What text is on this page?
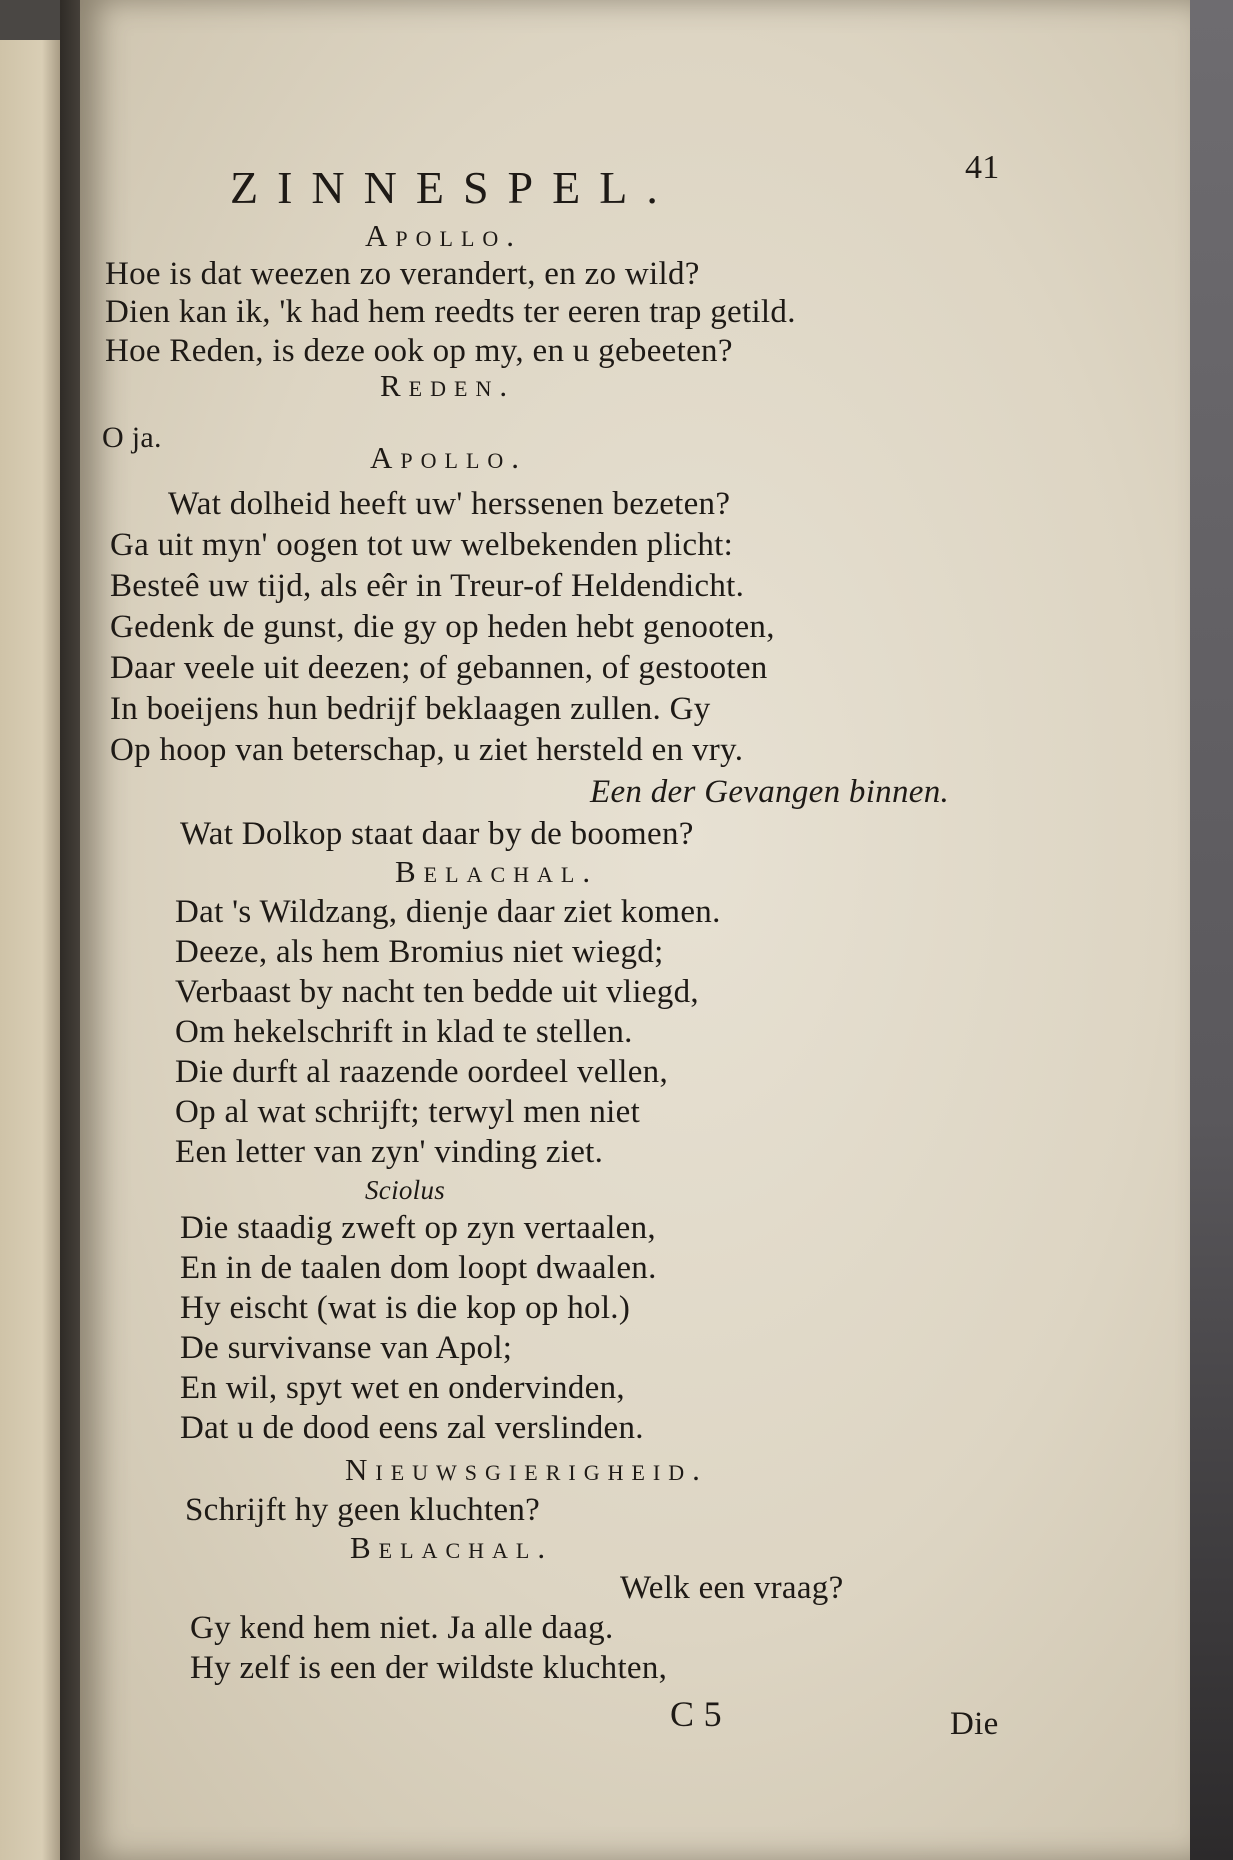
41
ZINNESPEL.
Apollo.
Hoe is dat weezen zo verandert, en zo wild?
Dien kan ik, 'k had hem reedts ter eeren trap getild.
Hoe Reden, is deze ook op my, en u gebeeten?
Reden.
O ja.
Apollo.
Wat dolheid heeft uw' herssenen bezeten?
Ga uit myn' oogen tot uw welbekenden plicht:
Besteê uw tijd, als eêr in Treur-of Heldendicht.
Gedenk de gunst, die gy op heden hebt genooten,
Daar veele uit deezen; of gebannen, of gestooten
In boeijens hun bedrijf beklaagen zullen. Gy
Op hoop van beterschap, u ziet hersteld en vry.
Een der Gevangen binnen.
Wat Dolkop staat daar by de boomen?
Belachal.
Dat 's Wildzang, dienje daar ziet komen.
Deeze, als hem Bromius niet wiegd;
Verbaast by nacht ten bedde uit vliegd,
Om hekelschrift in klad te stellen.
Die durft al raazende oordeel vellen,
Op al wat schrijft; terwyl men niet
Een letter van zyn' vinding ziet.
Sciolus
Die staadig zweft op zyn vertaalen,
En in de taalen dom loopt dwaalen.
Hy eischt (wat is die kop op hol.)
De survivanse van Apol;
En wil, spyt wet en ondervinden,
Dat u de dood eens zal verslinden.
Nieuwsgierigheid.
Schrijft hy geen kluchten?
Belachal.
Welk een vraag?
Gy kend hem niet. Ja alle daag.
Hy zelf is een der wildste kluchten,
C 5	Die
